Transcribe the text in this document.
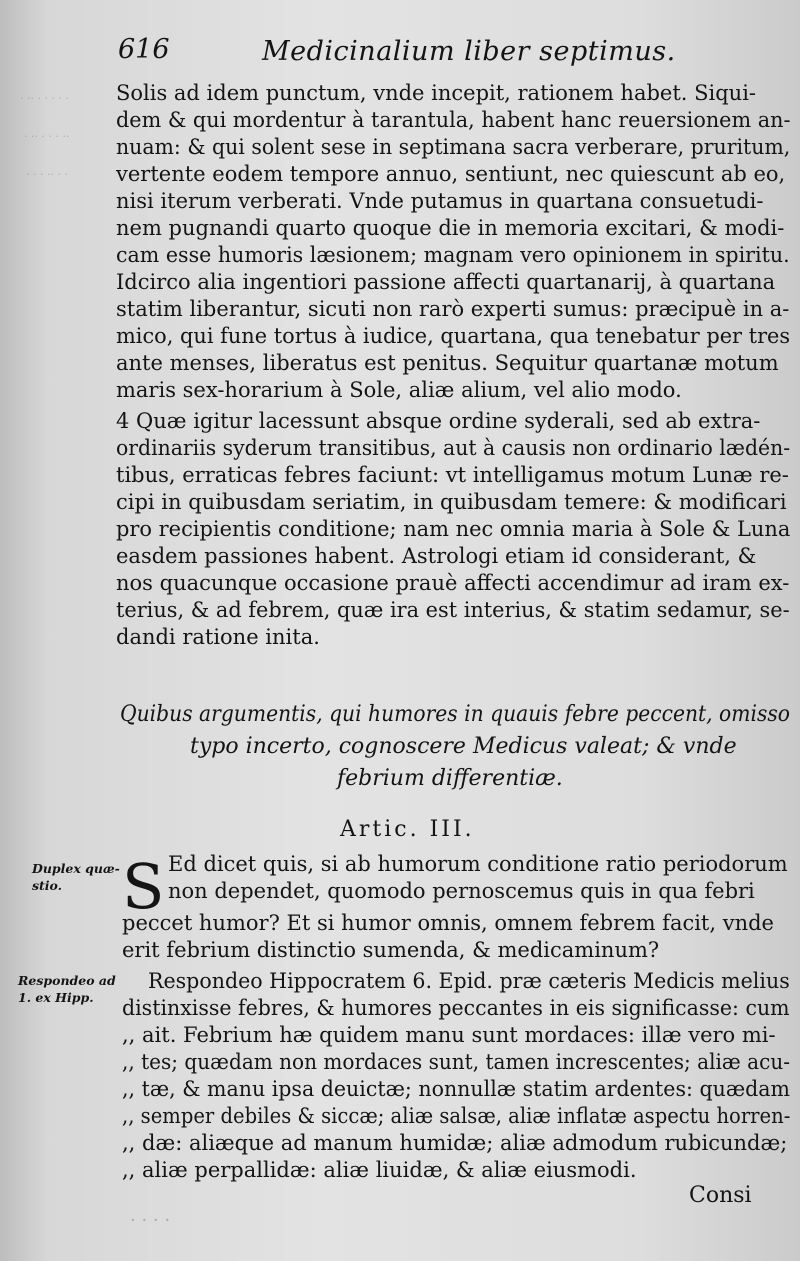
· · · · · ·· ·
·· · · · ·· ·
· · ·· · · ·
616	Medicinalium liber septimus.
Solis ad idem punctum, vnde incepit, rationem habet. Siqui-
dem & qui mordentur à tarantula, habent hanc reuersionem an-
nuam: & qui solent sese in septimana sacra verberare, pruritum,
vertente eodem tempore annuo, sentiunt, nec quiescunt ab eo,
nisi iterum verberati. Vnde putamus in quartana consuetudi-
nem pugnandi quarto quoque die in memoria excitari, & modi-
cam esse humoris læsionem; magnam vero opinionem in spiritu.
Idcirco alia ingentiori passione affecti quartanarij, à quartana
statim liberantur, sicuti non rarò experti sumus: præcipuè in a-
mico, qui fune tortus à iudice, quartana, qua tenebatur per tres
ante menses, liberatus est penitus. Sequitur quartanæ motum
maris sex-horarium à Sole, aliæ alium, vel alio modo.
4 Quæ igitur lacessunt absque ordine syderali, sed ab extra-
ordinariis syderum transitibus, aut à causis non ordinario lædén-
tibus, erraticas febres faciunt: vt intelligamus motum Lunæ re-
cipi in quibusdam seriatim, in quibusdam temere: & modificari
pro recipientis conditione; nam nec omnia maria à Sole & Luna
easdem passiones habent. Astrologi etiam id considerant, &
nos quacunque occasione prauè affecti accendimur ad iram ex-
terius, & ad febrem, quæ ira est interius, & statim sedamur, se-
dandi ratione inita.
Quibus argumentis, qui humores in quauis febre peccent, omisso
typo incerto, cognoscere Medicus valeat; & vnde
febrium differentiæ.
Artic. III.
Duplex quæ-
stio.
Respondeo ad
1. ex Hipp.
S Ed dicet quis, si ab humorum conditione ratio periodorum
non dependet, quomodo pernoscemus quis in qua febri
peccet humor? Et si humor omnis, omnem febrem facit, vnde
erit febrium distinctio sumenda, & medicaminum?
Respondeo Hippocratem 6. Epid. præ cæteris Medicis melius
distinxisse febres, & humores peccantes in eis significasse: cum
,, ait. Febrium hæ quidem manu sunt mordaces: illæ vero mi-
,, tes; quædam non mordaces sunt, tamen increscentes; aliæ acu-
,, tæ, & manu ipsa deuictæ; nonnullæ statim ardentes: quædam
,, semper debiles & siccæ; aliæ salsæ, aliæ inflatæ aspectu horren-
,, dæ: aliæque ad manum humidæ; aliæ admodum rubicundæ;
,, aliæ perpallidæ: aliæ liuidæ, & aliæ eiusmodi.
Consi
· · · ·
